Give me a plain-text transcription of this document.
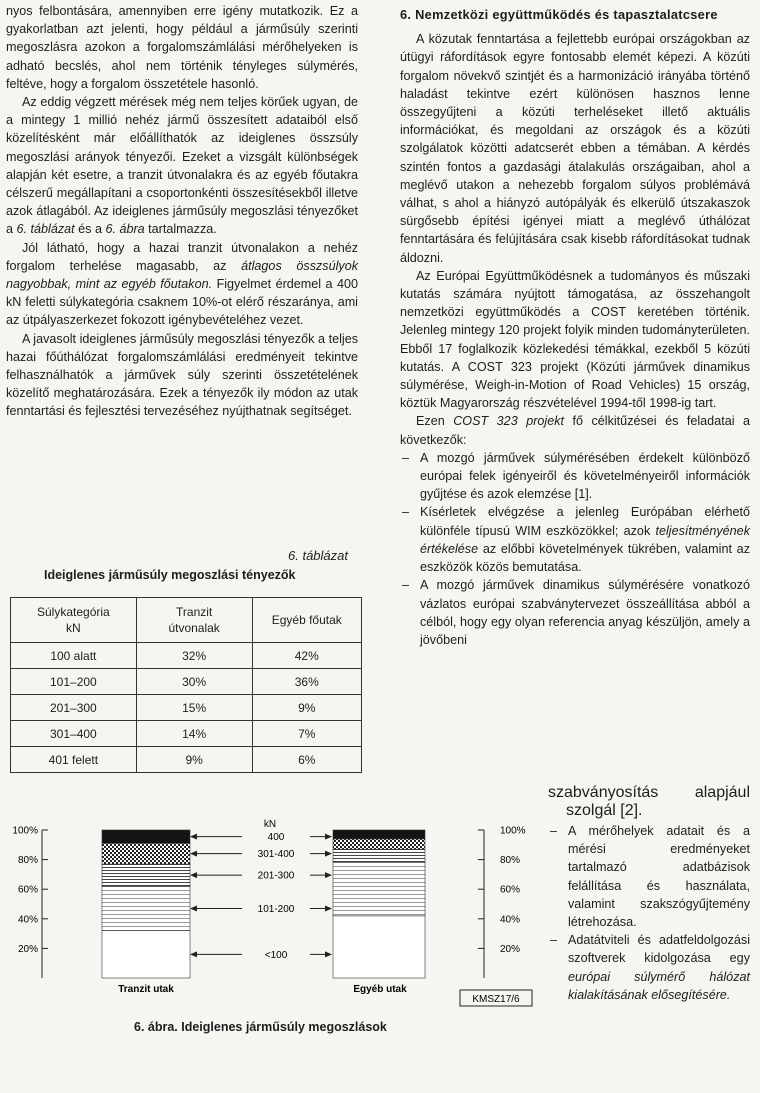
nyos felbontására, amennyiben erre igény mutatkozik. Ez a gyakorlatban azt jelenti, hogy például a járműsúly szerinti megoszlásra azokon a forgalomszámlálási mérőhelyeken is adható becslés, ahol nem történik tényleges súlymérés, feltéve, hogy a forgalom összetétele hasonló.

Az eddig végzett mérések még nem teljes körűek ugyan, de a mintegy 1 millió nehéz jármű összesített adataiból első közelítésként már előállíthatók az ideiglenes összsúly megoszlási arányok tényezői. Ezeket a vizsgált különbségek alapján két esetre, a tranzit útvonalakra és az egyéb főutakra célszerű megállapítani a csoportonkénti összesítésekből illetve azok átlagából. Az ideiglenes járműsúly megoszlási tényezőket a 6. táblázat és a 6. ábra tartalmazza.

Jól látható, hogy a hazai tranzit útvonalakon a nehéz forgalom terhelése magasabb, az átlagos összsúlyok nagyobbak, mint az egyéb főutakon. Figyelmet érdemel a 400 kN feletti súlykategória csaknem 10%-ot elérő részaránya, ami az útpályaszerkezet fokozott igénybevételéhez vezet.

A javasolt ideiglenes járműsúly megoszlási tényezők a teljes hazai főúthálózat forgalomszámlálási eredményeit tekintve felhasználhatók a járművek súly szerinti összetételének közelítő meghatározására. Ezek a tényezők ily módon az utak fenntartási és fejlesztési tervezéséhez nyújthatnak segítséget.

6. táblázat
Ideiglenes járműsúly megoszlási tényezők
Súlykategória kN	Tranzit útvonalak	Egyéb főutak
100 alatt	32%	42%
101–200	30%	36%
201–300	15%	9%
301–400	14%	7%
401 felett	9%	6%
20%	20%
40%	40%
60%	60%
80%	80%
100%	100%
<100
101-200
201-300
301-400
400
kN
Tranzit utak	Egyéb utak
KMSZ17/6
6. ábra. Ideiglenes járműsúly megoszlások

6. Nemzetközi együttműködés és tapasztalatcsere

A közutak fenntartása a fejlettebb európai országokban az útügyi ráfordítások egyre fontosabb elemét képezi. A közúti forgalom növekvő szintjét és a harmonizáció irányába történő haladást tekintve ezért különösen hasznos lenne összegyűjteni a közúti terheléseket illető aktuális információkat, és megoldani az országok és a közúti szolgálatok közötti adatcserét ebben a témában. A kérdés szintén fontos a gazdasági átalakulás országaiban, ahol a meglévő utakon a nehezebb forgalom súlyos problémává válhat, s ahol a hiányzó autópályák és elkerülő útszakaszok sürgősebb építési igényei miatt a meglévő úthálózat fenntartására és felújítására csak kisebb ráfordításokat tudnak áldozni.

Az Európai Együttműködésnek a tudományos és műszaki kutatás számára nyújtott támogatása, az összehangolt nemzetközi együttműködés a COST keretében történik. Jelenleg mintegy 120 projekt folyik minden tudományterületen. Ebből 17 foglalkozik közlekedési témákkal, ezekből 5 közúti kutatás. A COST 323 projekt (Közúti járművek dinamikus súlymérése, Weigh-in-Motion of Road Vehicles) 15 ország, köztük Magyarország részvételével 1994-től 1998-ig tart.

Ezen COST 323 projekt fő célkitűzései és feladatai a következők:

– A mozgó járművek súlymérésében érdekelt különböző európai felek igényeiről és követelményeiről információk gyűjtése és azok elemzése [1].
– Kísérletek elvégzése a jelenleg Európában elérhető különféle típusú WIM eszközökkel; azok teljesítményének értékelése az előbbi követelmények tükrében, valamint az eszközök közös bemutatása.
– A mozgó járművek dinamikus súlymérésére vonatkozó vázlatos európai szabványtervezet összeállítása abból a célból, hogy egy olyan referencia anyag készüljön, amely a jövőbeni
szabványosítás alapjául
szolgál [2].
– A mérőhelyek adatait és a mérési eredményeket tartalmazó adatbázisok felállítása és használata, valamint szakszógyűjtemény létrehozása.
– Adatátviteli és adatfeldolgozási szoftverek kidolgozása egy európai súlymérő hálózat kialakításának elősegítésére.
